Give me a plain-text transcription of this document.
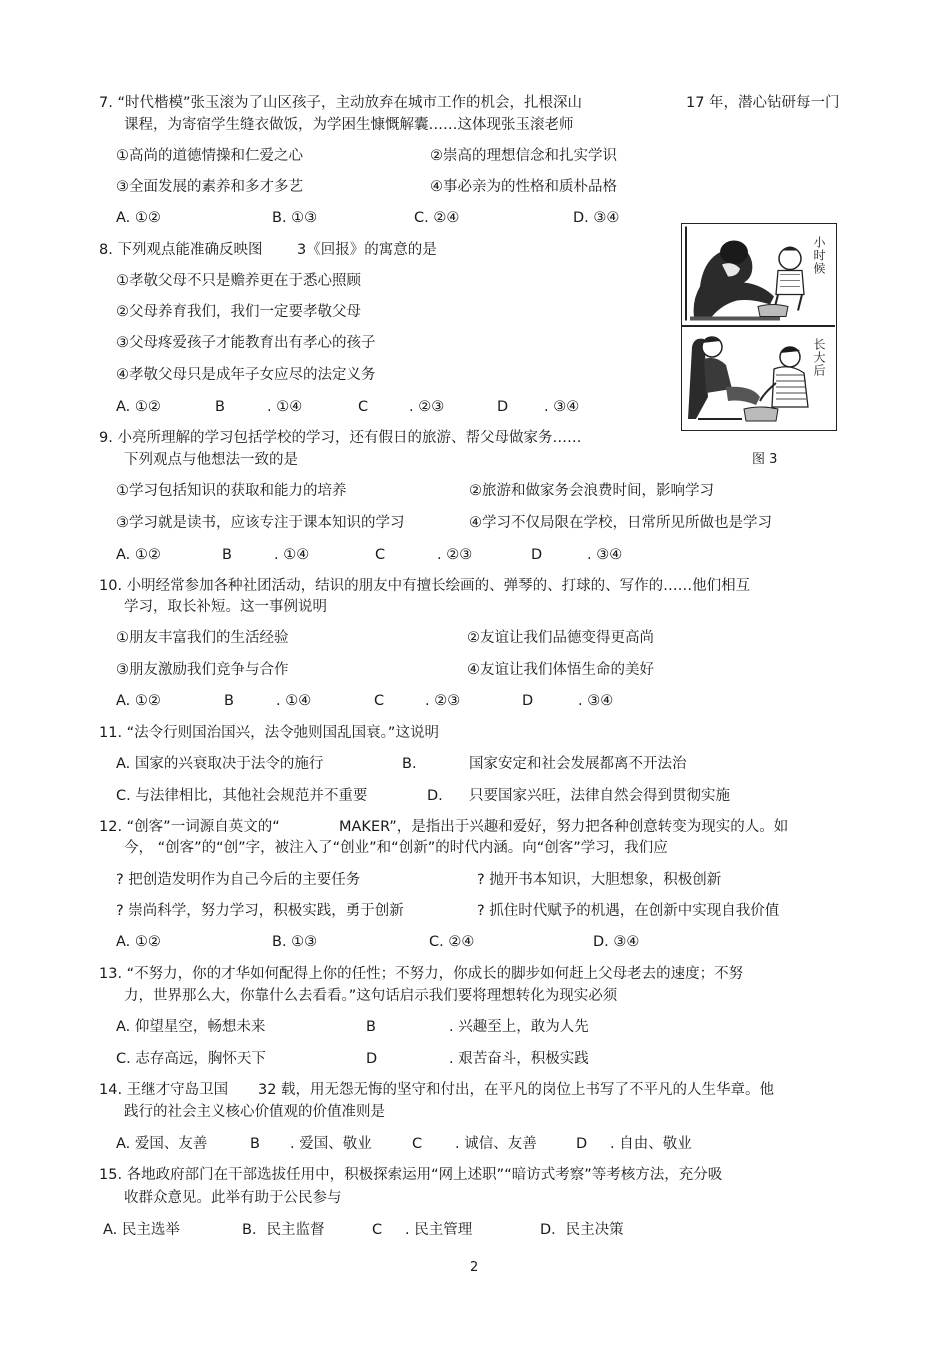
7. “时代楷模”张玉滚为了山区孩子，主动放弃在城市工作的机会，扎根深山	17 年，潜心钻研每一门
课程，为寄宿学生缝衣做饭，为学困生慷慨解囊……这体现张玉滚老师
①高尚的道德情操和仁爱之心	②崇高的理想信念和扎实学识
③全面发展的素养和多才多艺	④事必亲为的性格和质朴品格
A. ①②	B. ①③	C. ②④	D. ③④
8. 下列观点能准确反映图 3《回报》的寓意的是
①孝敬父母不只是赡养更在于悉心照顾
②父母养育我们，我们一定要孝敬父母
③父母疼爱孩子才能教育出有孝心的孩子
④孝敬父母只是成年子女应尽的法定义务
A. ①②	B	. ①④	C	. ②③	D . ③④
小时候
长大后
图 3
9. 小亮所理解的学习包括学校的学习，还有假日的旅游、帮父母做家务……
下列观点与他想法一致的是
①学习包括知识的获取和能力的培养	②旅游和做家务会浪费时间，影响学习
③学习就是读书，应该专注于课本知识的学习	④学习不仅局限在学校，日常所见所做也是学习
A. ①②	B	. ①④	C	. ②③	D	. ③④
10. 小明经常参加各种社团活动，结识的朋友中有擅长绘画的、弹琴的、打球的、写作的……他们相互
学习，取长补短。这一事例说明
①朋友丰富我们的生活经验	②友谊让我们品德变得更高尚
③朋友激励我们竞争与合作	④友谊让我们体悟生命的美好
A. ①②	B	. ①④	C	. ②③	D	. ③④
11. “法令行则国治国兴，法令弛则国乱国衰。”这说明
A. 国家的兴衰取决于法令的施行	B.	国家安定和社会发展都离不开法治
C. 与法律相比，其他社会规范并不重要	D. 只要国家兴旺，法律自然会得到贯彻实施
12. “创客”一词源自英文的“	MAKER”，是指出于兴趣和爱好，努力把各种创意转变为现实的人。如
今， “创客”的“创”字，被注入了“创业”和“创新”的时代内涵。向“创客”学习，我们应
? 把创造发明作为自己今后的主要任务	? 抛开书本知识，大胆想象，积极创新
? 崇尚科学，努力学习，积极实践，勇于创新	? 抓住时代赋予的机遇，在创新中实现自我价值
A. ①②	B. ①③	C. ②④	D. ③④
13. “不努力，你的才华如何配得上你的任性；不努力，你成长的脚步如何赶上父母老去的速度；不努
力，世界那么大，你靠什么去看看。”这句话启示我们要将理想转化为现实必须
A. 仰望星空，畅想未来	B	. 兴趣至上，敢为人先
C. 志存高远，胸怀天下	D	. 艰苦奋斗，积极实践
14. 王继才守岛卫国 32 载，用无怨无悔的坚守和付出，在平凡的岗位上书写了不平凡的人生华章。他
践行的社会主义核心价值观的价值准则是
A. 爱国、友善	B . 爱国、敬业	C . 诚信、友善	D . 自由、敬业
15. 各地政府部门在干部选拔任用中，积极探索运用“网上述职”“暗访式考察”等考核方法，充分吸
收群众意见。此举有助于公民参与
A. 民主选举	B．民主监督	C . 民主管理	D．民主决策
2
